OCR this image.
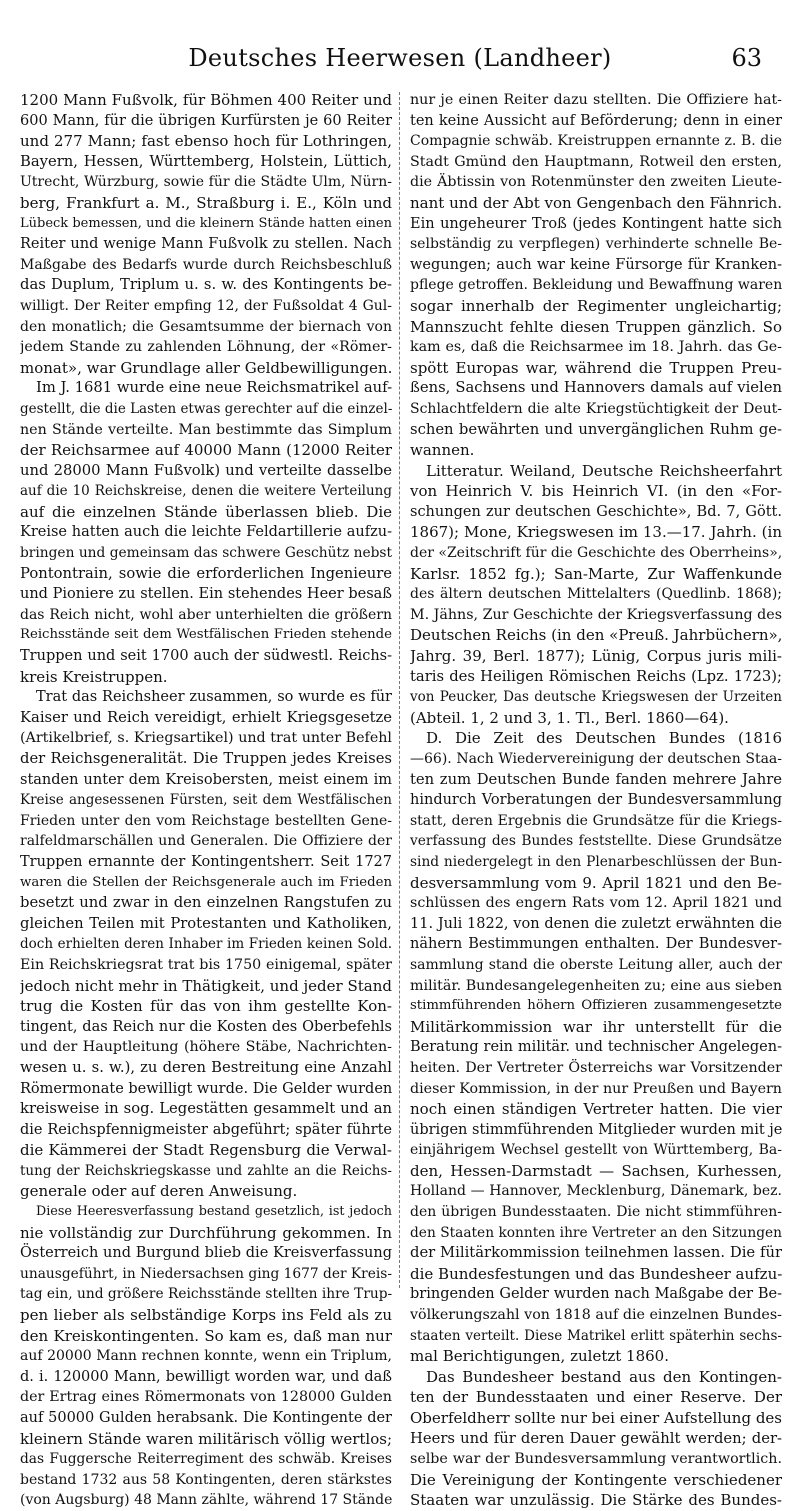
Deutsches Heerwesen (Landheer)	63
1200 Mann Fußvolk, für Böhmen 400 Reiter und
600 Mann, für die übrigen Kurfürsten je 60 Reiter
und 277 Mann; fast ebenso hoch für Lothringen,
Bayern, Hessen, Württemberg, Holstein, Lüttich,
Utrecht, Würzburg, sowie für die Städte Ulm, Nürn-
berg, Frankfurt a. M., Straßburg i. E., Köln und
Lübeck bemessen, und die kleinern Stände hatten einen
Reiter und wenige Mann Fußvolk zu stellen. Nach
Maßgabe des Bedarfs wurde durch Reichsbeschluß
das Duplum, Triplum u. s. w. des Kontingents be-
willigt. Der Reiter empfing 12, der Fußsoldat 4 Gul-
den monatlich; die Gesamtsumme der biernach von
jedem Stande zu zahlenden Löhnung, der «Römer-
monat», war Grundlage aller Geldbewilligungen.
Im J. 1681 wurde eine neue Reichsmatrikel auf-
gestellt, die die Lasten etwas gerechter auf die einzel-
nen Stände verteilte. Man bestimmte das Simplum
der Reichsarmee auf 40000 Mann (12000 Reiter
und 28000 Mann Fußvolk) und verteilte dasselbe
auf die 10 Reichskreise, denen die weitere Verteilung
auf die einzelnen Stände überlassen blieb. Die
Kreise hatten auch die leichte Feldartillerie aufzu-
bringen und gemeinsam das schwere Geschütz nebst
Pontontrain, sowie die erforderlichen Ingenieure
und Pioniere zu stellen. Ein stehendes Heer besaß
das Reich nicht, wohl aber unterhielten die größern
Reichsstände seit dem Westfälischen Frieden stehende
Truppen und seit 1700 auch der südwestl. Reichs-
kreis Kreistruppen.
Trat das Reichsheer zusammen, so wurde es für
Kaiser und Reich vereidigt, erhielt Kriegsgesetze
(Artikelbrief, s. Kriegsartikel) und trat unter Befehl
der Reichsgeneralität. Die Truppen jedes Kreises
standen unter dem Kreisobersten, meist einem im
Kreise angesessenen Fürsten, seit dem Westfälischen
Frieden unter den vom Reichstage bestellten Gene-
ralfeldmarschällen und Generalen. Die Offiziere der
Truppen ernannte der Kontingentsherr. Seit 1727
waren die Stellen der Reichsgenerale auch im Frieden
besetzt und zwar in den einzelnen Rangstufen zu
gleichen Teilen mit Protestanten und Katholiken,
doch erhielten deren Inhaber im Frieden keinen Sold.
Ein Reichskriegsrat trat bis 1750 einigemal, später
jedoch nicht mehr in Thätigkeit, und jeder Stand
trug die Kosten für das von ihm gestellte Kon-
tingent, das Reich nur die Kosten des Oberbefehls
und der Hauptleitung (höhere Stäbe, Nachrichten-
wesen u. s. w.), zu deren Bestreitung eine Anzahl
Römermonate bewilligt wurde. Die Gelder wurden
kreisweise in sog. Legestätten gesammelt und an
die Reichspfennigmeister abgeführt; später führte
die Kämmerei der Stadt Regensburg die Verwal-
tung der Reichskriegskasse und zahlte an die Reichs-
generale oder auf deren Anweisung.
Diese Heeresverfassung bestand gesetzlich, ist jedoch
nie vollständig zur Durchführung gekommen. In
Österreich und Burgund blieb die Kreisverfassung
unausgeführt, in Niedersachsen ging 1677 der Kreis-
tag ein, und größere Reichsstände stellten ihre Trup-
pen lieber als selbständige Korps ins Feld als zu
den Kreiskontingenten. So kam es, daß man nur
auf 20000 Mann rechnen konnte, wenn ein Triplum,
d. i. 120000 Mann, bewilligt worden war, und daß
der Ertrag eines Römermonats von 128000 Gulden
auf 50000 Gulden herabsank. Die Kontingente der
kleinern Stände waren militärisch völlig wertlos;
das Fuggersche Reiterregiment des schwäb. Kreises
bestand 1732 aus 58 Kontingenten, deren stärkstes
(von Augsburg) 48 Mann zählte, während 17 Stände
nur je einen Reiter dazu stellten. Die Offiziere hat-
ten keine Aussicht auf Beförderung; denn in einer
Compagnie schwäb. Kreistruppen ernannte z. B. die
Stadt Gmünd den Hauptmann, Rotweil den ersten,
die Äbtissin von Rotenmünster den zweiten Lieute-
nant und der Abt von Gengenbach den Fähnrich.
Ein ungeheurer Troß (jedes Kontingent hatte sich
selbständig zu verpflegen) verhinderte schnelle Be-
wegungen; auch war keine Fürsorge für Kranken-
pflege getroffen. Bekleidung und Bewaffnung waren
sogar innerhalb der Regimenter ungleichartig;
Mannszucht fehlte diesen Truppen gänzlich. So
kam es, daß die Reichsarmee im 18. Jahrh. das Ge-
spött Europas war, während die Truppen Preu-
ßens, Sachsens und Hannovers damals auf vielen
Schlachtfeldern die alte Kriegstüchtigkeit der Deut-
schen bewährten und unvergänglichen Ruhm ge-
wannen.
Litteratur. Weiland, Deutsche Reichsheerfahrt
von Heinrich V. bis Heinrich VI. (in den «For-
schungen zur deutschen Geschichte», Bd. 7, Gött.
1867); Mone, Kriegswesen im 13.—17. Jahrh. (in
der «Zeitschrift für die Geschichte des Oberrheins»,
Karlsr. 1852 fg.); San-Marte, Zur Waffenkunde
des ältern deutschen Mittelalters (Quedlinb. 1868);
M. Jähns, Zur Geschichte der Kriegsverfassung des
Deutschen Reichs (in den «Preuß. Jahrbüchern»,
Jahrg. 39, Berl. 1877); Lünig, Corpus juris mili-
taris des Heiligen Römischen Reichs (Lpz. 1723);
von Peucker, Das deutsche Kriegswesen der Urzeiten
(Abteil. 1, 2 und 3, 1. Tl., Berl. 1860—64).
D. Die Zeit des Deutschen Bundes (1816
—66). Nach Wiedervereinigung der deutschen Staa-
ten zum Deutschen Bunde fanden mehrere Jahre
hindurch Vorberatungen der Bundesversammlung
statt, deren Ergebnis die Grundsätze für die Kriegs-
verfassung des Bundes feststellte. Diese Grundsätze
sind niedergelegt in den Plenarbeschlüssen der Bun-
desversammlung vom 9. April 1821 und den Be-
schlüssen des engern Rats vom 12. April 1821 und
11. Juli 1822, von denen die zuletzt erwähnten die
nähern Bestimmungen enthalten. Der Bundesver-
sammlung stand die oberste Leitung aller, auch der
militär. Bundesangelegenheiten zu; eine aus sieben
stimmführenden höhern Offizieren zusammengesetzte
Militärkommission war ihr unterstellt für die
Beratung rein militär. und technischer Angelegen-
heiten. Der Vertreter Österreichs war Vorsitzender
dieser Kommission, in der nur Preußen und Bayern
noch einen ständigen Vertreter hatten. Die vier
übrigen stimmführenden Mitglieder wurden mit je
einjährigem Wechsel gestellt von Württemberg, Ba-
den, Hessen-Darmstadt — Sachsen, Kurhessen,
Holland — Hannover, Mecklenburg, Dänemark, bez.
den übrigen Bundesstaaten. Die nicht stimmführen-
den Staaten konnten ihre Vertreter an den Sitzungen
der Militärkommission teilnehmen lassen. Die für
die Bundesfestungen und das Bundesheer aufzu-
bringenden Gelder wurden nach Maßgabe der Be-
völkerungszahl von 1818 auf die einzelnen Bundes-
staaten verteilt. Diese Matrikel erlitt späterhin sechs-
mal Berichtigungen, zuletzt 1860.
Das Bundesheer bestand aus den Kontingen-
ten der Bundesstaaten und einer Reserve. Der
Oberfeldherr sollte nur bei einer Aufstellung des
Heers und für deren Dauer gewählt werden; der-
selbe war der Bundesversammlung verantwortlich.
Die Vereinigung der Kontingente verschiedener
Staaten war unzulässig. Die Stärke des Bundes-
